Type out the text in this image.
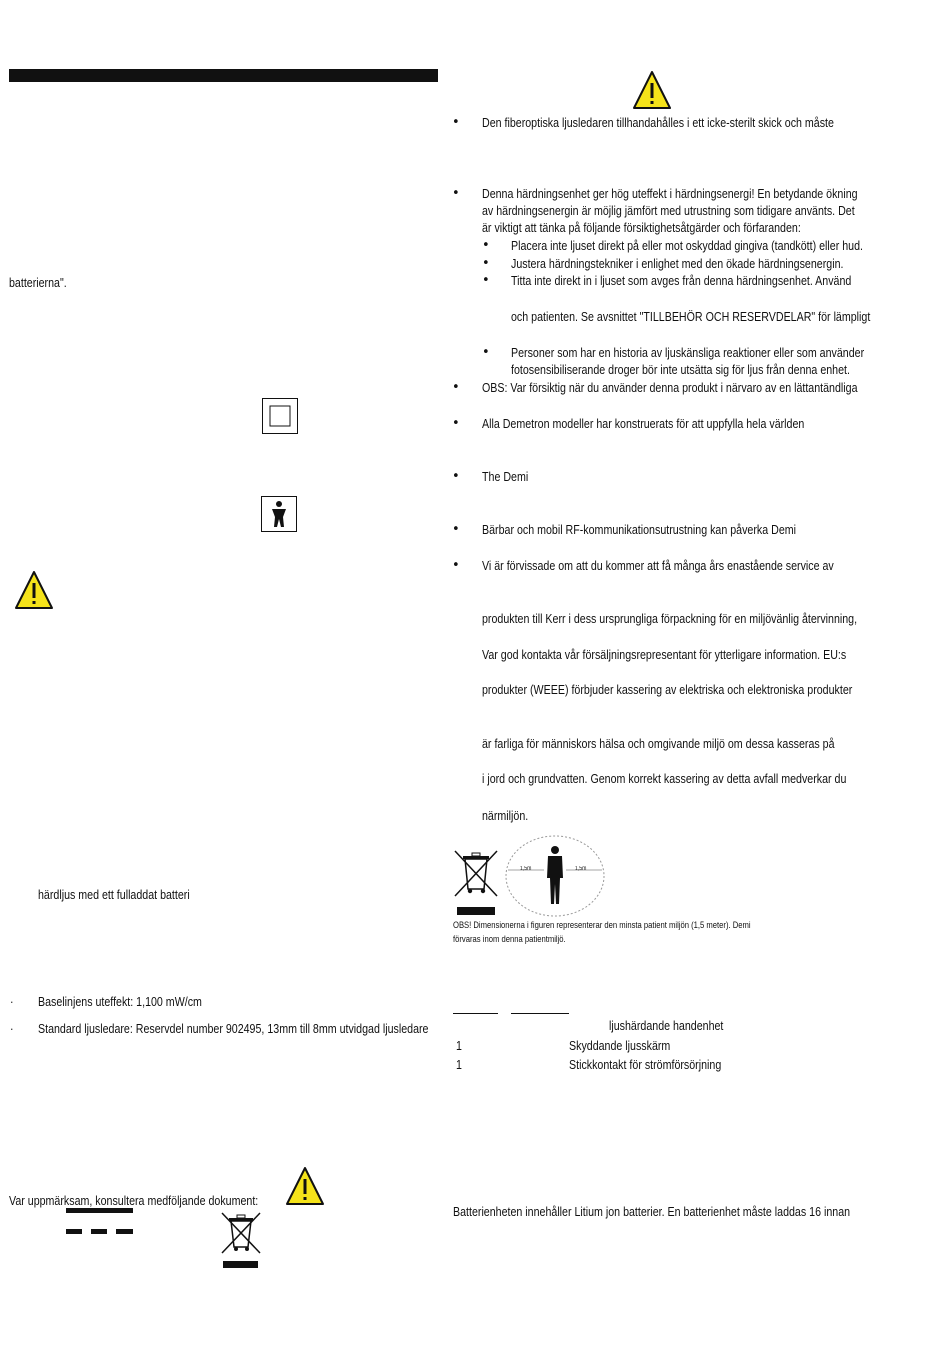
batterierna".
härdljus med ett fulladdat batteri
· Baselinjens uteffekt: 1,100 mW/cm
· Standard ljusledare: Reservdel number 902495, 13mm till 8mm utvidgad ljusledare
Var uppmärksam, konsultera medföljande dokument:
• Den fiberoptiska ljusledaren tillhandahålles i ett icke-sterilt skick och måste
• Denna härdningsenhet ger hög uteffekt i härdningsenergi! En betydande ökning
av härdningsenergin är möjlig jämfört med utrustning som tidigare använts. Det
är viktigt att tänka på följande försiktighetsåtgärder och förfaranden:
• Placera inte ljuset direkt på eller mot oskyddad gingiva (tandkött) eller hud.
• Justera härdningstekniker i enlighet med den ökade härdningsenergin.
• Titta inte direkt in i ljuset som avges från denna härdningsenhet. Använd
och patienten. Se avsnittet "TILLBEHÖR OCH RESERVDELAR" för lämpligt
• Personer som har en historia av ljuskänsliga reaktioner eller som använder
fotosensibiliserande droger bör inte utsätta sig för ljus från denna enhet.
• OBS: Var försiktig när du använder denna produkt i närvaro av en lättantändliga
• Alla Demetron modeller har konstruerats för att uppfylla hela världen
• The Demi
• Bärbar och mobil RF-kommunikationsutrustning kan påverka Demi
• Vi är förvissade om att du kommer att få många års enastående service av
produkten till Kerr i dess ursprungliga förpackning för en miljövänlig återvinning,
Var god kontakta vår försäljningsrepresentant för ytterligare information. EU:s
produkter (WEEE) förbjuder kassering av elektriska och elektroniska produkter
är farliga för människors hälsa och omgivande miljö om dessa kasseras på
i jord och grundvatten. Genom korrekt kassering av detta avfall medverkar du
närmiljön.
1,5m	1,5m
OBS! Dimensionerna i figuren representerar den minsta patient miljön (1,5 meter). Demi
förvaras inom denna patientmiljö.
ljushärdande handenhet
1	Skyddande ljusskärm
1	Stickkontakt för strömförsörjning
Batterienheten innehåller Litium jon batterier. En batterienhet måste laddas 16 innan
